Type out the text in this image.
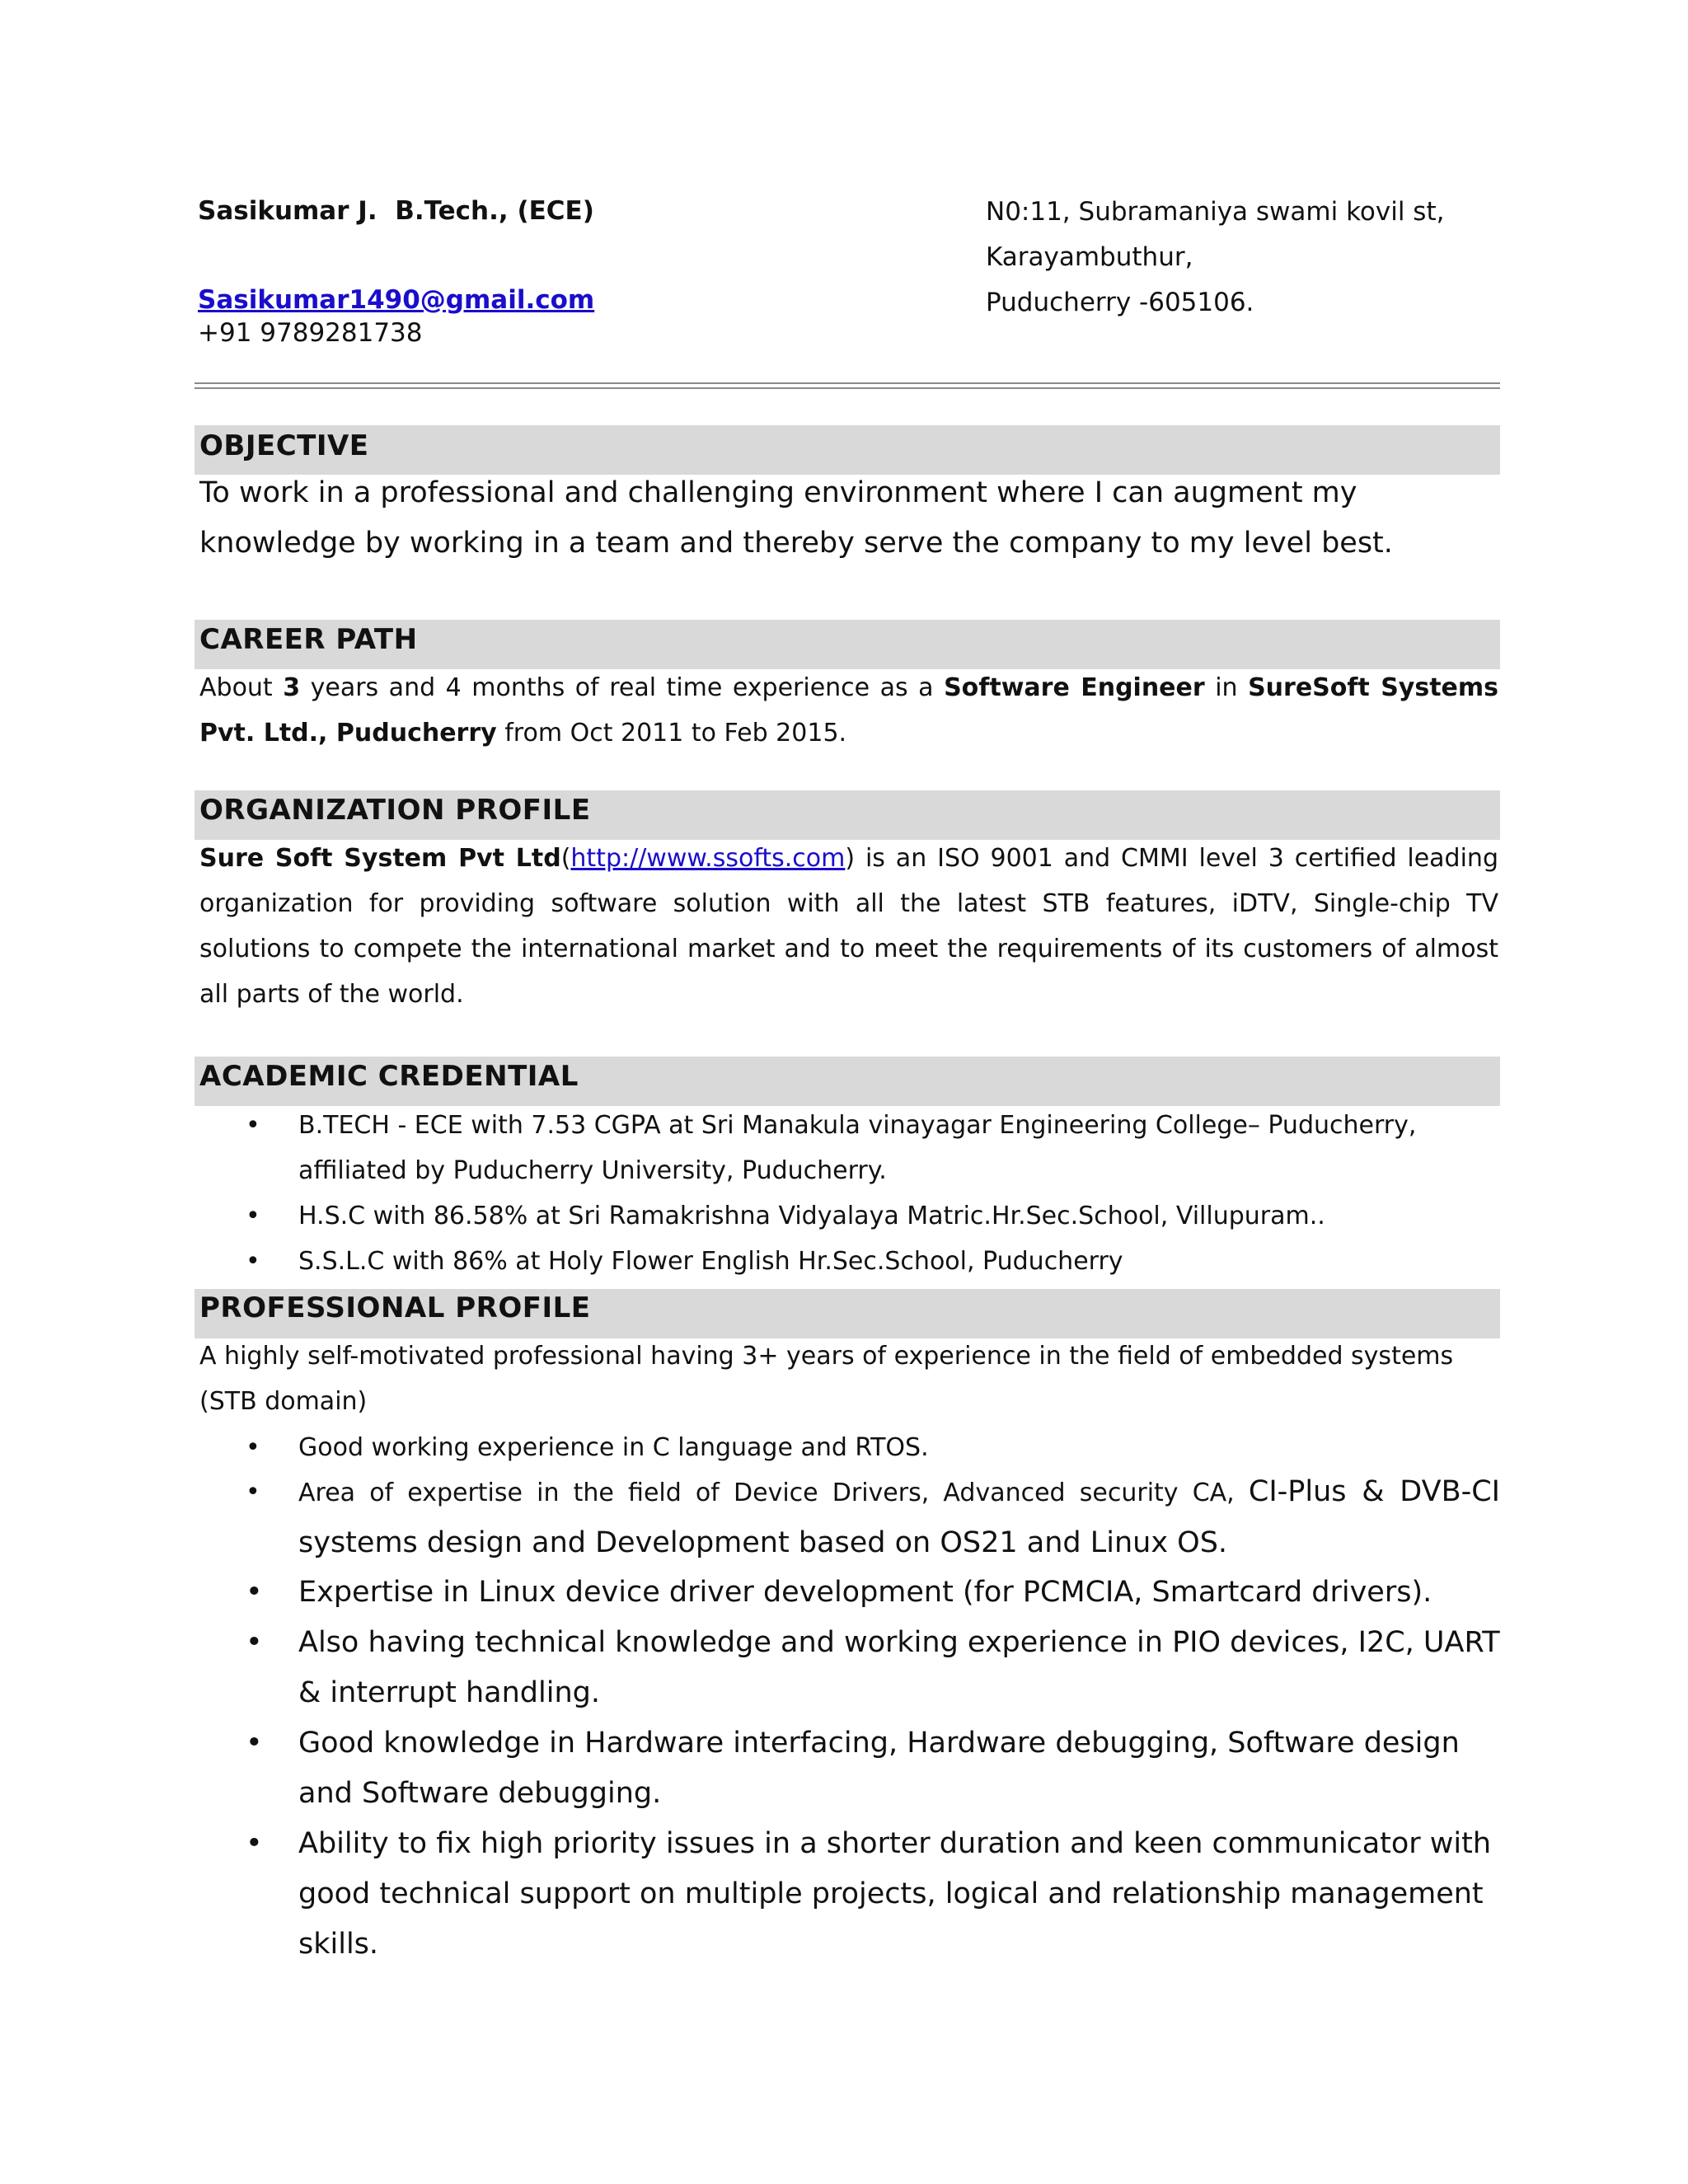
Sasikumar J.  B.Tech., (ECE)
Sasikumar1490@gmail.com
+91 9789281738
N0:11, Subramaniya swami kovil st,
Karayambuthur,
Puducherry -605106.
OBJECTIVE
To work in a professional and challenging environment where I can augment my knowledge by working in a team and thereby serve the company to my level best.
CAREER PATH
About 3 years and 4 months of real time experience as a Software Engineer in SureSoft Systems Pvt. Ltd., Puducherry from Oct 2011 to Feb 2015.
ORGANIZATION PROFILE
Sure Soft System Pvt Ltd(http://www.ssofts.com) is an ISO 9001 and CMMI level 3 certified leading organization for providing software solution with all the latest STB features, iDTV, Single-chip TV solutions to compete the international market and to meet the requirements of its customers of almost all parts of the world.
ACADEMIC CREDENTIAL
• B.TECH - ECE with 7.53 CGPA at Sri Manakula vinayagar Engineering College– Puducherry, affiliated by Puducherry University, Puducherry.
• H.S.C with 86.58% at Sri Ramakrishna Vidyalaya Matric.Hr.Sec.School, Villupuram..
• S.S.L.C with 86% at Holy Flower English Hr.Sec.School, Puducherry
PROFESSIONAL PROFILE
A highly self-motivated professional having 3+ years of experience in the field of embedded systems (STB domain)
• Good working experience in C language and RTOS.
• Area of expertise in the field of Device Drivers, Advanced security CA, CI-Plus & DVB-CI systems design and Development based on OS21 and Linux OS.
• Expertise in Linux device driver development (for PCMCIA, Smartcard drivers).
• Also having technical knowledge and working experience in PIO devices, I2C, UART & interrupt handling.
• Good knowledge in Hardware interfacing, Hardware debugging, Software design and Software debugging.
• Ability to fix high priority issues in a shorter duration and keen communicator with good technical support on multiple projects, logical and relationship management skills.
